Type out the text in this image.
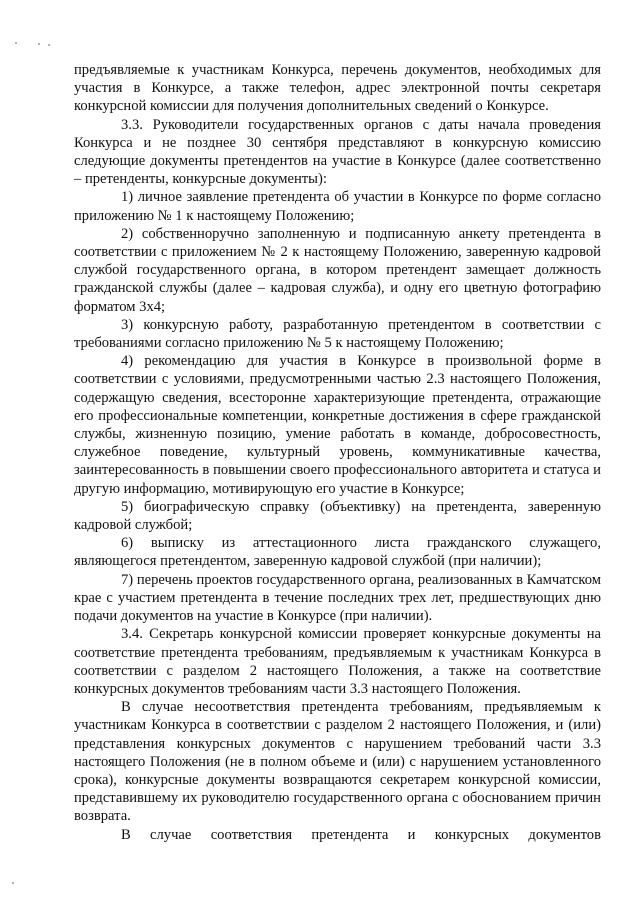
предъявляемые к участникам Конкурса, перечень документов, необходимых для участия в Конкурсе, а также телефон, адрес электронной почты секретаря конкурсной комиссии для получения дополнительных сведений о Конкурсе.

3.3. Руководители государственных органов с даты начала проведения Конкурса и не позднее 30 сентября представляют в конкурсную комиссию следующие документы претендентов на участие в Конкурсе (далее соответственно – претенденты, конкурсные документы):

1) личное заявление претендента об участии в Конкурсе по форме согласно приложению № 1 к настоящему Положению;

2) собственноручно заполненную и подписанную анкету претендента в соответствии с приложением № 2 к настоящему Положению, заверенную кадровой службой государственного органа, в котором претендент замещает должность гражданской службы (далее – кадровая служба), и одну его цветную фотографию форматом 3х4;

3) конкурсную работу, разработанную претендентом в соответствии с требованиями согласно приложению № 5 к настоящему Положению;

4) рекомендацию для участия в Конкурсе в произвольной форме в соответствии с условиями, предусмотренными частью 2.3 настоящего Положения, содержащую сведения, всесторонне характеризующие претендента, отражающие его профессиональные компетенции, конкретные достижения в сфере гражданской службы, жизненную позицию, умение работать в команде, добросовестность, служебное поведение, культурный уровень, коммуникативные качества, заинтересованность в повышении своего профессионального авторитета и статуса и другую информацию, мотивирующую его участие в Конкурсе;

5) биографическую справку (объективку) на претендента, заверенную кадровой службой;

6) выписку из аттестационного листа гражданского служащего, являющегося претендентом, заверенную кадровой службой (при наличии);

7) перечень проектов государственного органа, реализованных в Камчатском крае с участием претендента в течение последних трех лет, предшествующих дню подачи документов на участие в Конкурсе (при наличии).

3.4. Секретарь конкурсной комиссии проверяет конкурсные документы на соответствие претендента требованиям, предъявляемым к участникам Конкурса в соответствии с разделом 2 настоящего Положения, а также на соответствие конкурсных документов требованиям части 3.3 настоящего Положения.

В случае несоответствия претендента требованиям, предъявляемым к участникам Конкурса в соответствии с разделом 2 настоящего Положения, и (или) представления конкурсных документов с нарушением требований части 3.3 настоящего Положения (не в полном объеме и (или) с нарушением установленного срока), конкурсные документы возвращаются секретарем конкурсной комиссии, представившему их руководителю государственного органа с обоснованием причин возврата.

В случае соответствия претендента и конкурсных документов
